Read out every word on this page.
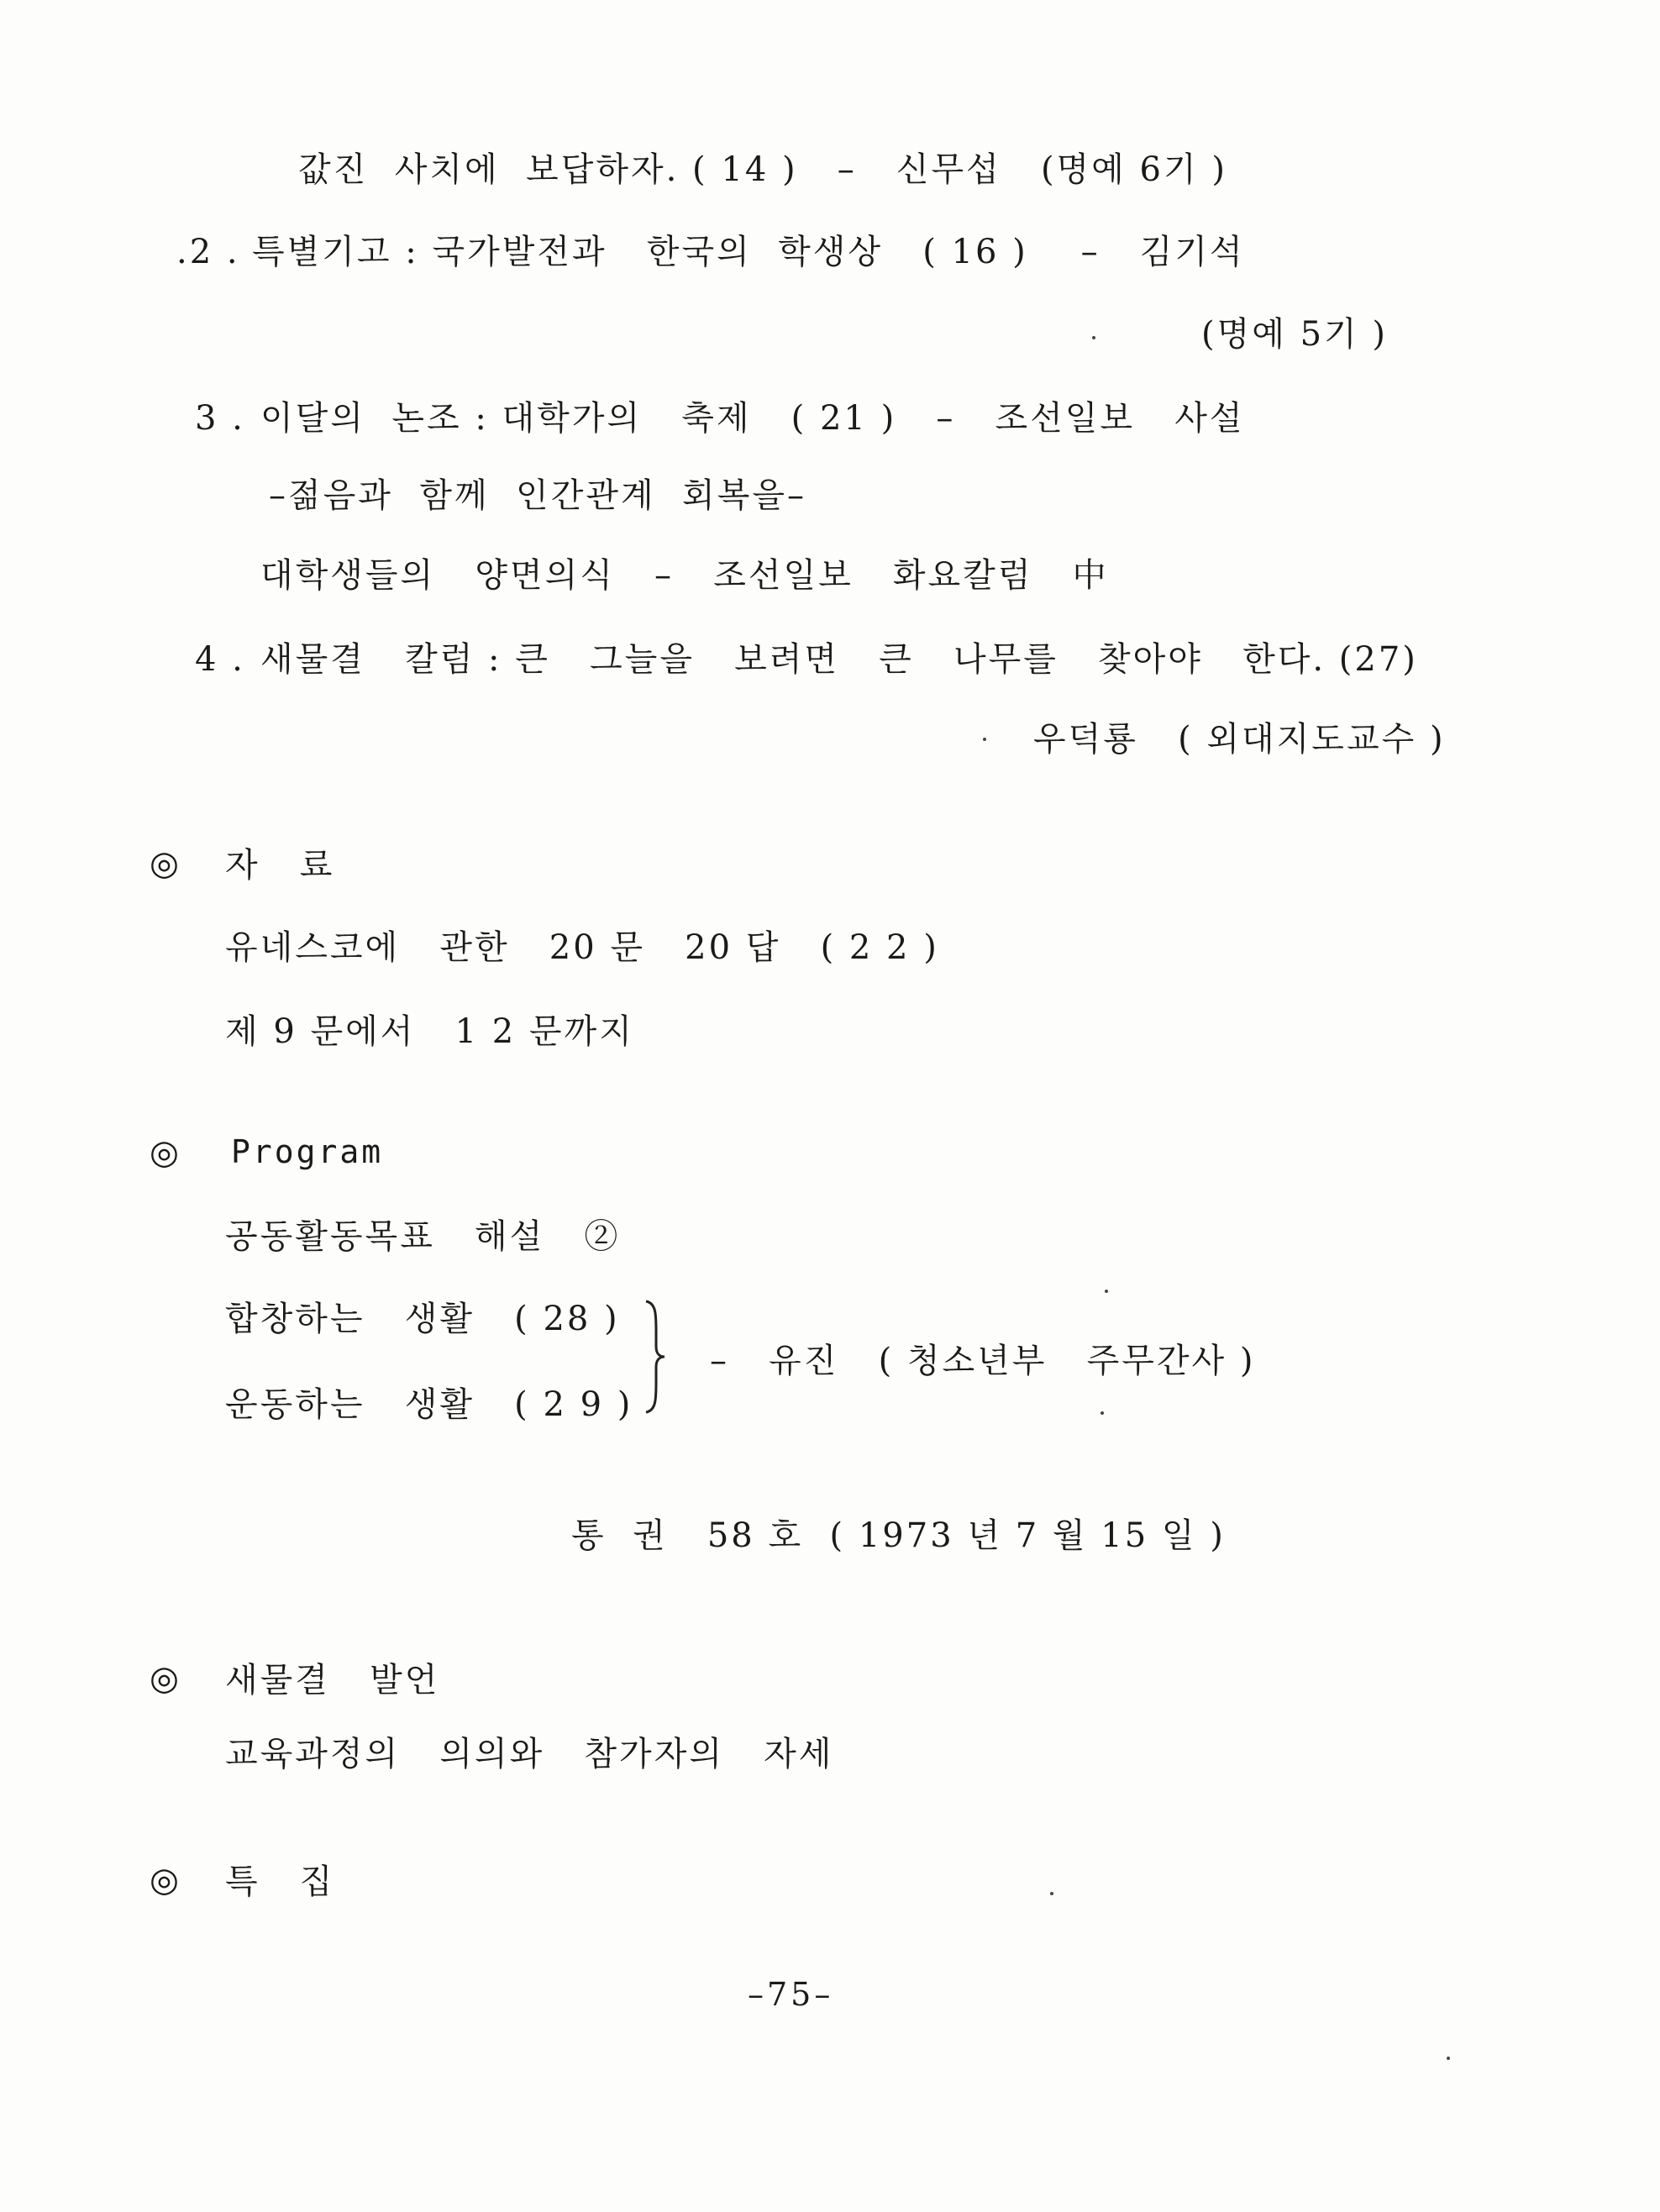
값진  사치에  보답하자. ( 14 )   –   신무섭   (명예 6기 )
.2 . 특별기고 : 국가발전과   한국의  학생상   ( 16 )    –   김기석
(명예 5기 )
3 . 이달의  논조 : 대학가의   축제   ( 21 )   –   조선일보   사설
–젊음과  함께  인간관계  회복을–
대학생들의   양면의식   –   조선일보   화요칼럼   中
4 . 새물결   칼럼 : 큰   그늘을   보려면   큰   나무를   찾아야   한다. (27)
우덕룡   ( 외대지도교수 )
◎ 자   료
유네스코에   관한   20 문   20 답   ( 2 2 )
제 9 문에서   1 2 문까지
◎ Program
공동활동목표   해설   ②
합창하는   생활   ( 28 )
운동하는   생활   ( 2 9 )
–   유진   ( 청소년부   주무간사 )
통  권   58 호  ( 1973 년 7 월 15 일 )
◎ 새물결   발언
교육과정의   의의와   참가자의   자세
◎ 특   집
–75–
